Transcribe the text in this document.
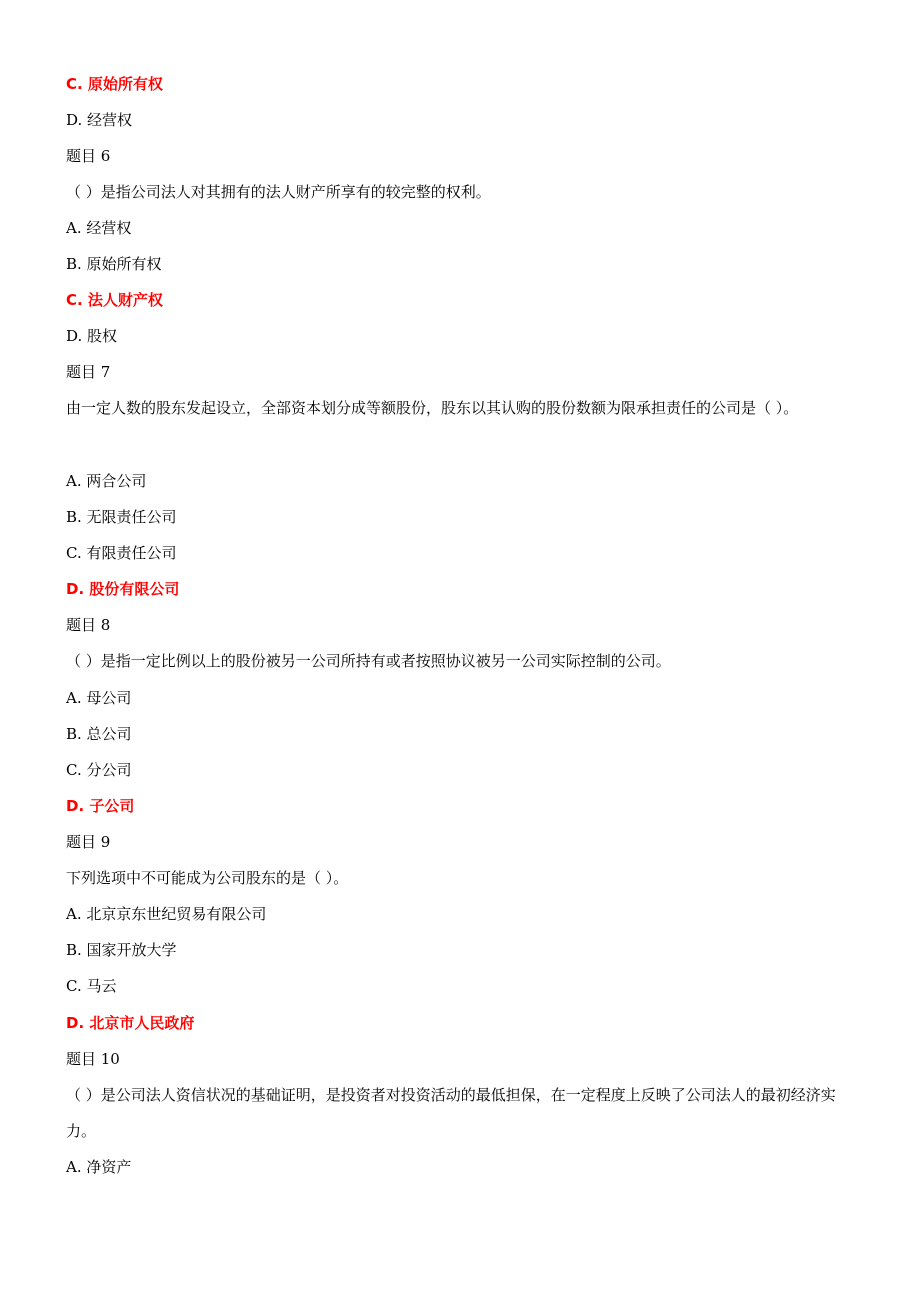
C. 原始所有权
D. 经营权
题目 6
（ ）是指公司法人对其拥有的法人财产所享有的较完整的权利。
A. 经营权
B. 原始所有权
C. 法人财产权
D. 股权
题目 7
由一定人数的股东发起设立，全部资本划分成等额股份，股东以其认购的股份数额为限承担责任的公司是（ ）。
A. 两合公司
B. 无限责任公司
C. 有限责任公司
D. 股份有限公司
题目 8
（ ）是指一定比例以上的股份被另一公司所持有或者按照协议被另一公司实际控制的公司。
A. 母公司
B. 总公司
C. 分公司
D. 子公司
题目 9
下列选项中不可能成为公司股东的是（ ）。
A. 北京京东世纪贸易有限公司
B. 国家开放大学
C. 马云
D. 北京市人民政府
题目 10
（ ）是公司法人资信状况的基础证明，是投资者对投资活动的最低担保，在一定程度上反映了公司法人的最初经济实力。
A. 净资产
